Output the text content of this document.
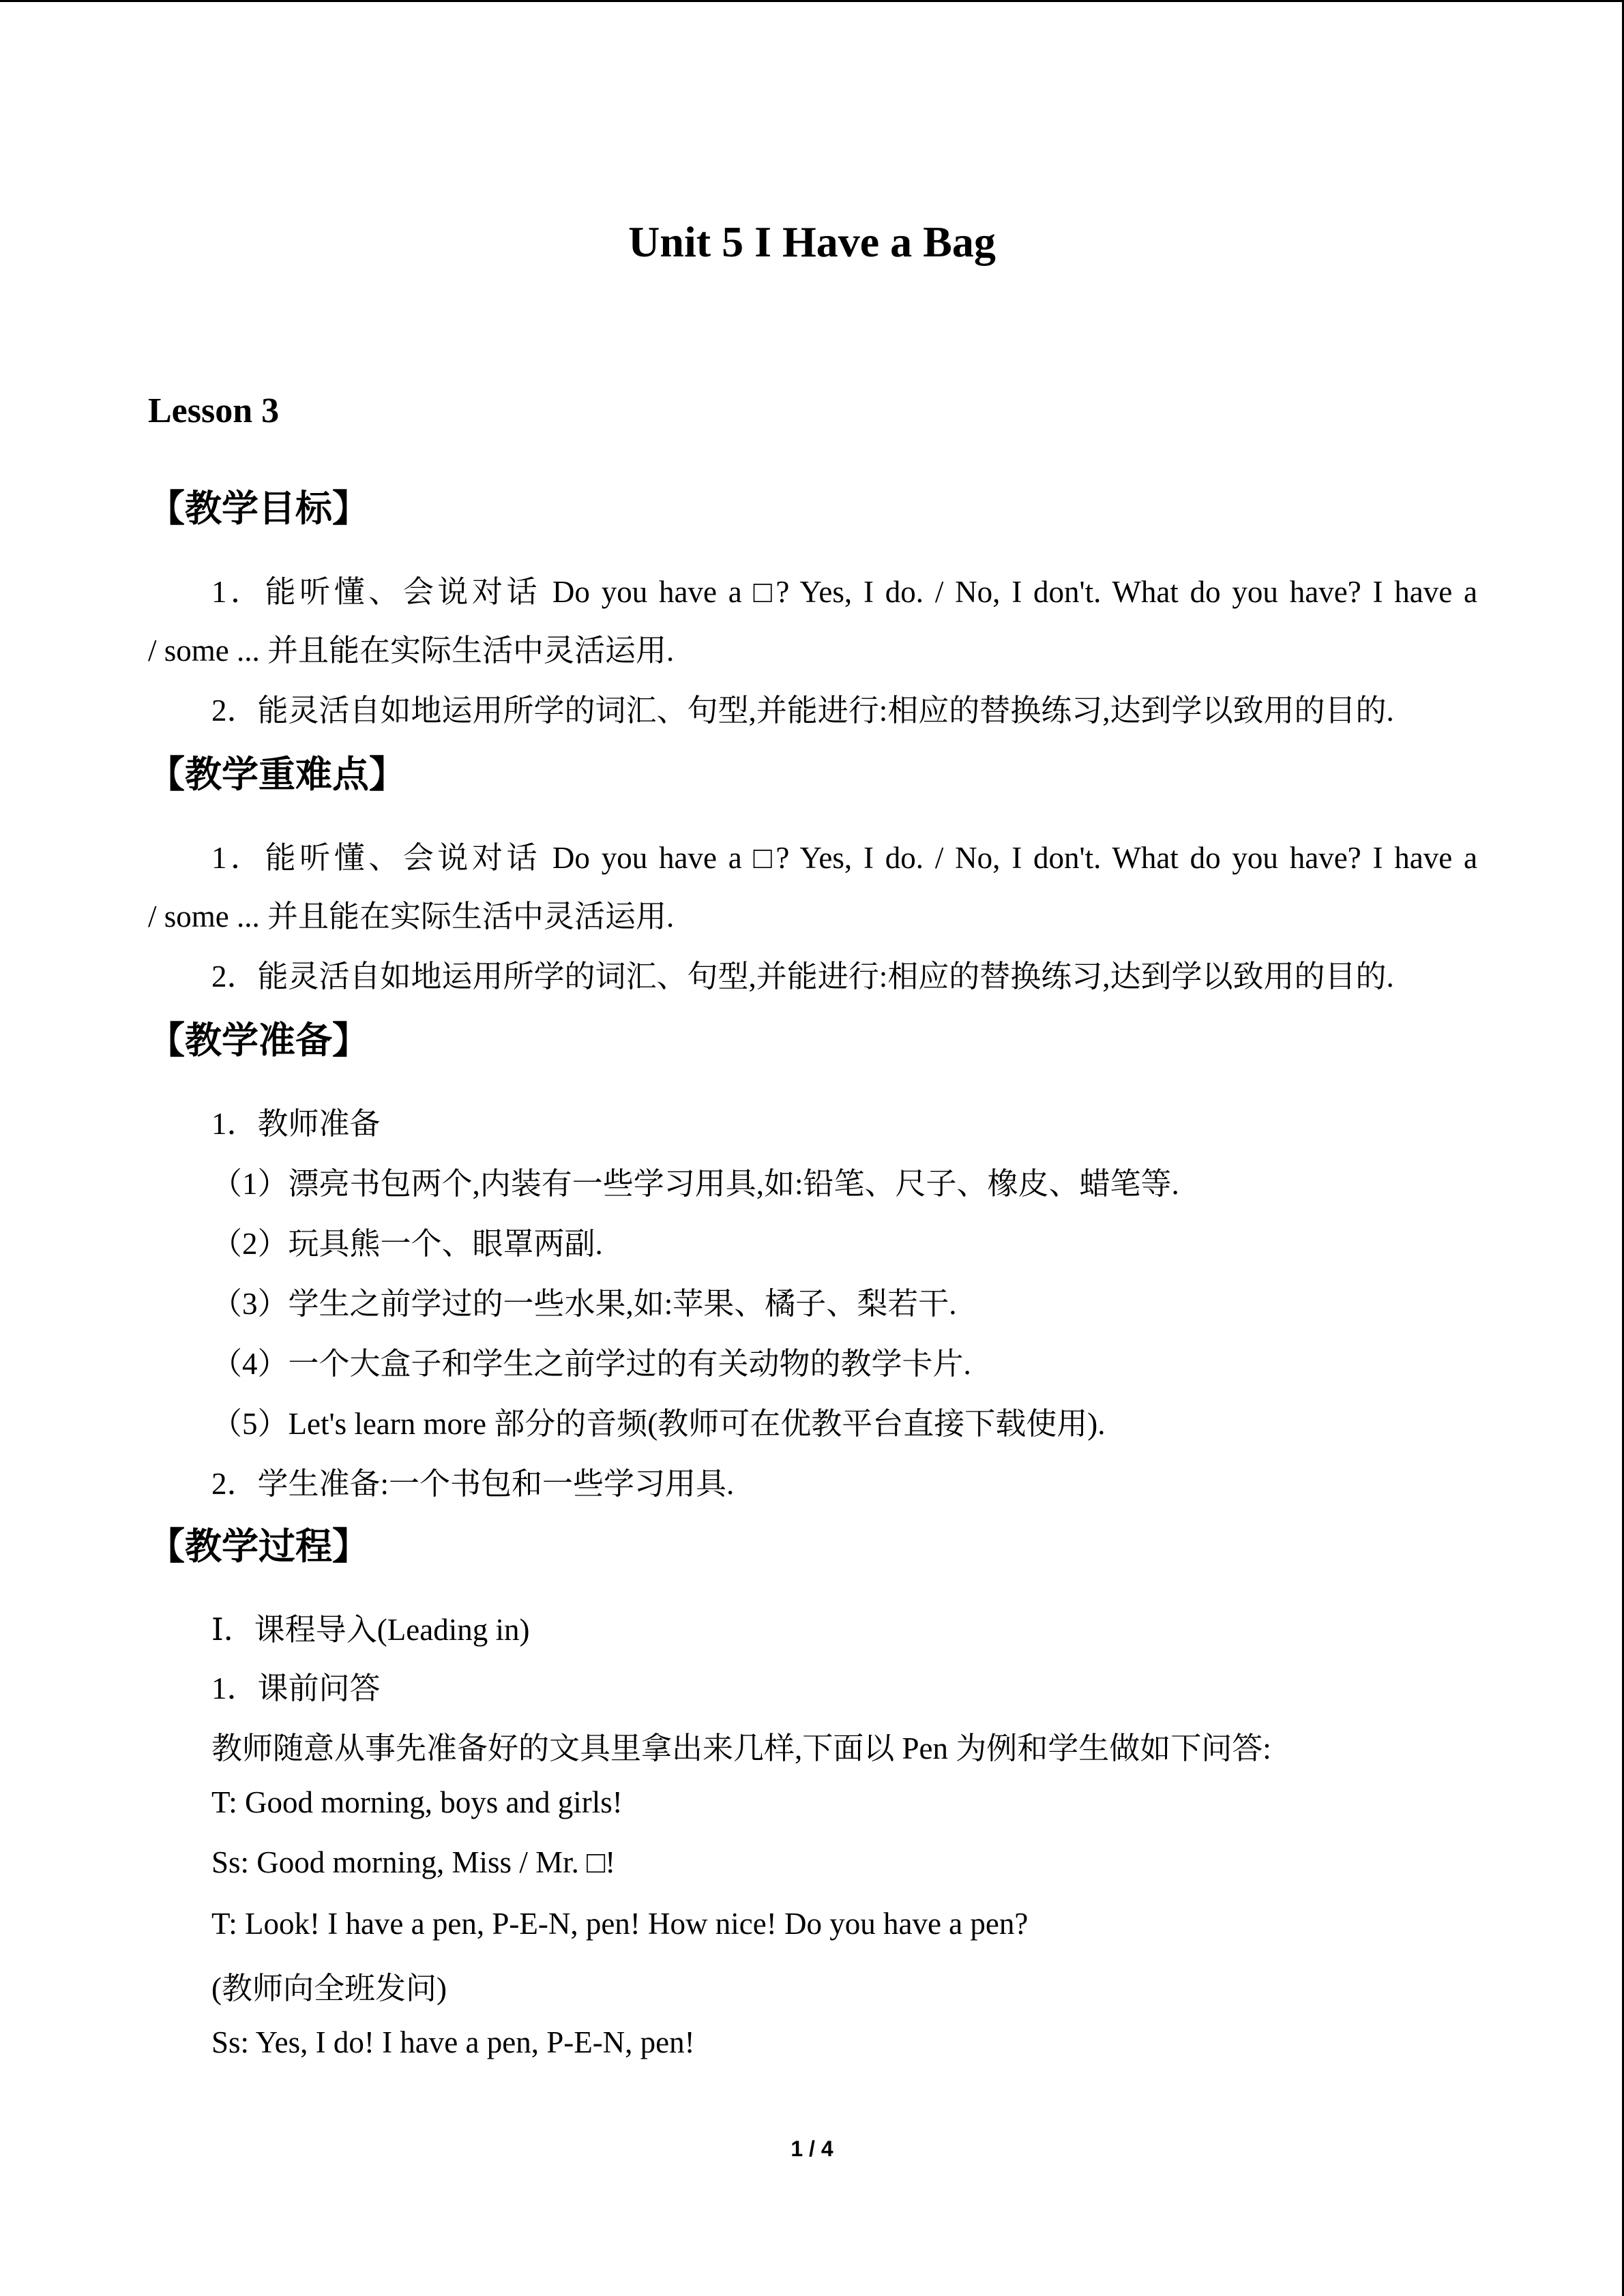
Unit 5 I Have a Bag
Lesson 3
【教学目标】
1．能听懂、会说对话 Do you have a □? Yes, I do. / No, I don't. What do you have? I have a
/ some ... 并且能在实际生活中灵活运用.
2．能灵活自如地运用所学的词汇、句型,并能进行:相应的替换练习,达到学以致用的目的.
【教学重难点】
1．能听懂、会说对话 Do you have a □? Yes, I do. / No, I don't. What do you have? I have a
/ some ... 并且能在实际生活中灵活运用.
2．能灵活自如地运用所学的词汇、句型,并能进行:相应的替换练习,达到学以致用的目的.
【教学准备】
1．教师准备
（1）漂亮书包两个,内装有一些学习用具,如:铅笔、尺子、橡皮、蜡笔等.
（2）玩具熊一个、眼罩两副.
（3）学生之前学过的一些水果,如:苹果、橘子、梨若干.
（4）一个大盒子和学生之前学过的有关动物的教学卡片.
（5）Let's learn more 部分的音频(教师可在优教平台直接下载使用).
2．学生准备:一个书包和一些学习用具.
【教学过程】
Ⅰ．课程导入(Leading in)
1．课前问答
教师随意从事先准备好的文具里拿出来几样,下面以 Pen 为例和学生做如下问答:
T: Good morning, boys and girls!
Ss: Good morning, Miss / Mr. □!
T: Look! I have a pen, P-E-N, pen! How nice! Do you have a pen?
(教师向全班发问)
Ss: Yes, I do! I have a pen, P-E-N, pen!
1 / 4
